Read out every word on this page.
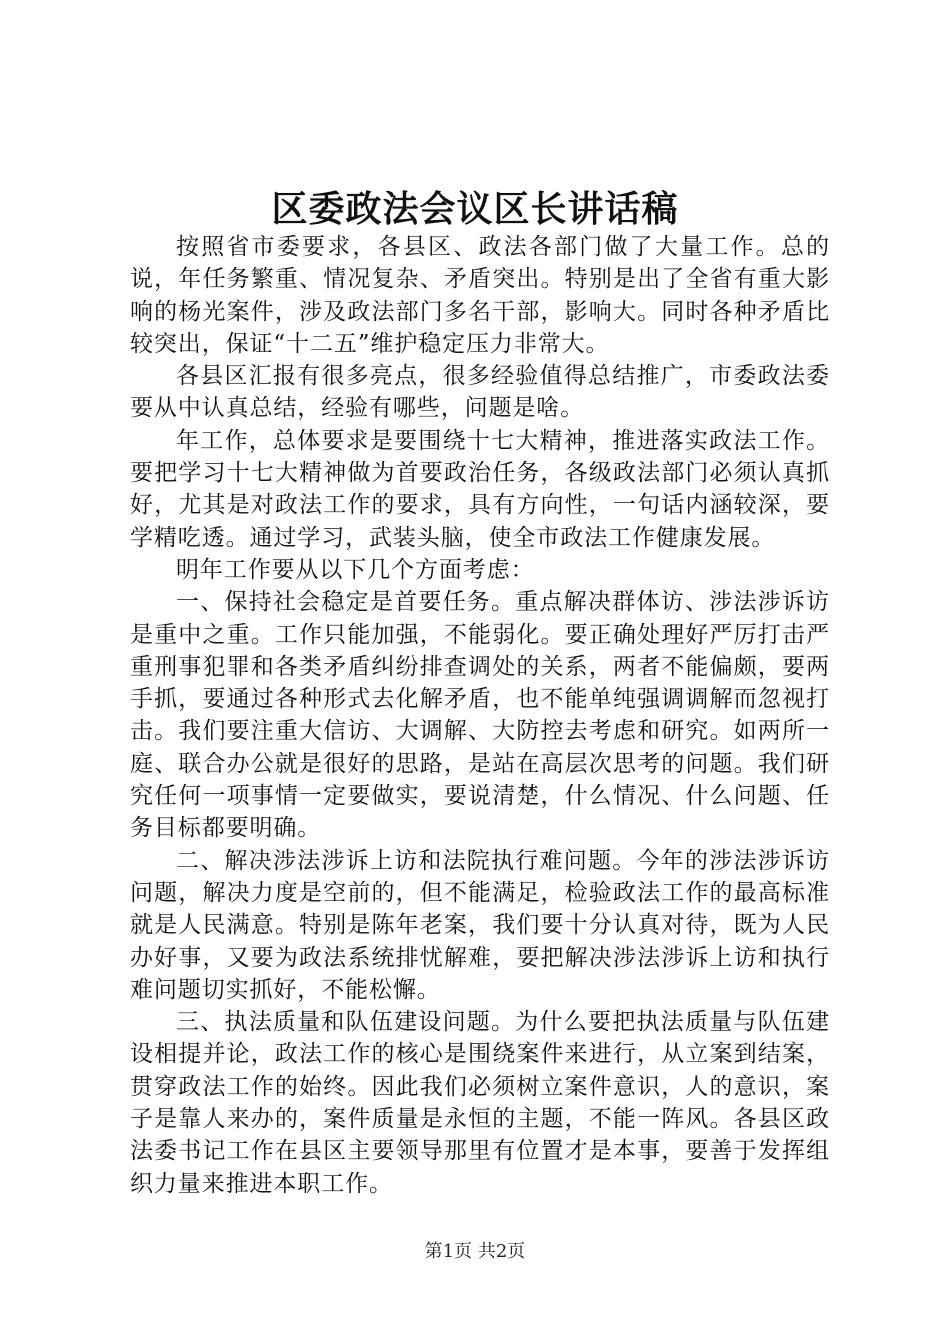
区委政法会议区长讲话稿

按照省市委要求，各县区、政法各部门做了大量工作。总的说，年任务繁重、情况复杂、矛盾突出。特别是出了全省有重大影响的杨光案件，涉及政法部门多名干部，影响大。同时各种矛盾比较突出，保证“十二五”维护稳定压力非常大。

各县区汇报有很多亮点，很多经验值得总结推广，市委政法委要从中认真总结，经验有哪些，问题是啥。

年工作，总体要求是要围绕十七大精神，推进落实政法工作。要把学习十七大精神做为首要政治任务，各级政法部门必须认真抓好，尤其是对政法工作的要求，具有方向性，一句话内涵较深，要学精吃透。通过学习，武装头脑，使全市政法工作健康发展。

明年工作要从以下几个方面考虑：

一、保持社会稳定是首要任务。重点解决群体访、涉法涉诉访是重中之重。工作只能加强，不能弱化。要正确处理好严厉打击严重刑事犯罪和各类矛盾纠纷排查调处的关系，两者不能偏颇，要两手抓，要通过各种形式去化解矛盾，也不能单纯强调调解而忽视打击。我们要注重大信访、大调解、大防控去考虑和研究。如两所一庭、联合办公就是很好的思路，是站在高层次思考的问题。我们研究任何一项事情一定要做实，要说清楚，什么情况、什么问题、任务目标都要明确。

二、解决涉法涉诉上访和法院执行难问题。今年的涉法涉诉访问题，解决力度是空前的，但不能满足，检验政法工作的最高标准就是人民满意。特别是陈年老案，我们要十分认真对待，既为人民办好事，又要为政法系统排忧解难，要把解决涉法涉诉上访和执行难问题切实抓好，不能松懈。

三、执法质量和队伍建设问题。为什么要把执法质量与队伍建设相提并论，政法工作的核心是围绕案件来进行，从立案到结案，贯穿政法工作的始终。因此我们必须树立案件意识，人的意识，案子是靠人来办的，案件质量是永恒的主题，不能一阵风。各县区政法委书记工作在县区主要领导那里有位置才是本事，要善于发挥组织力量来推进本职工作。

第1页 共2页
